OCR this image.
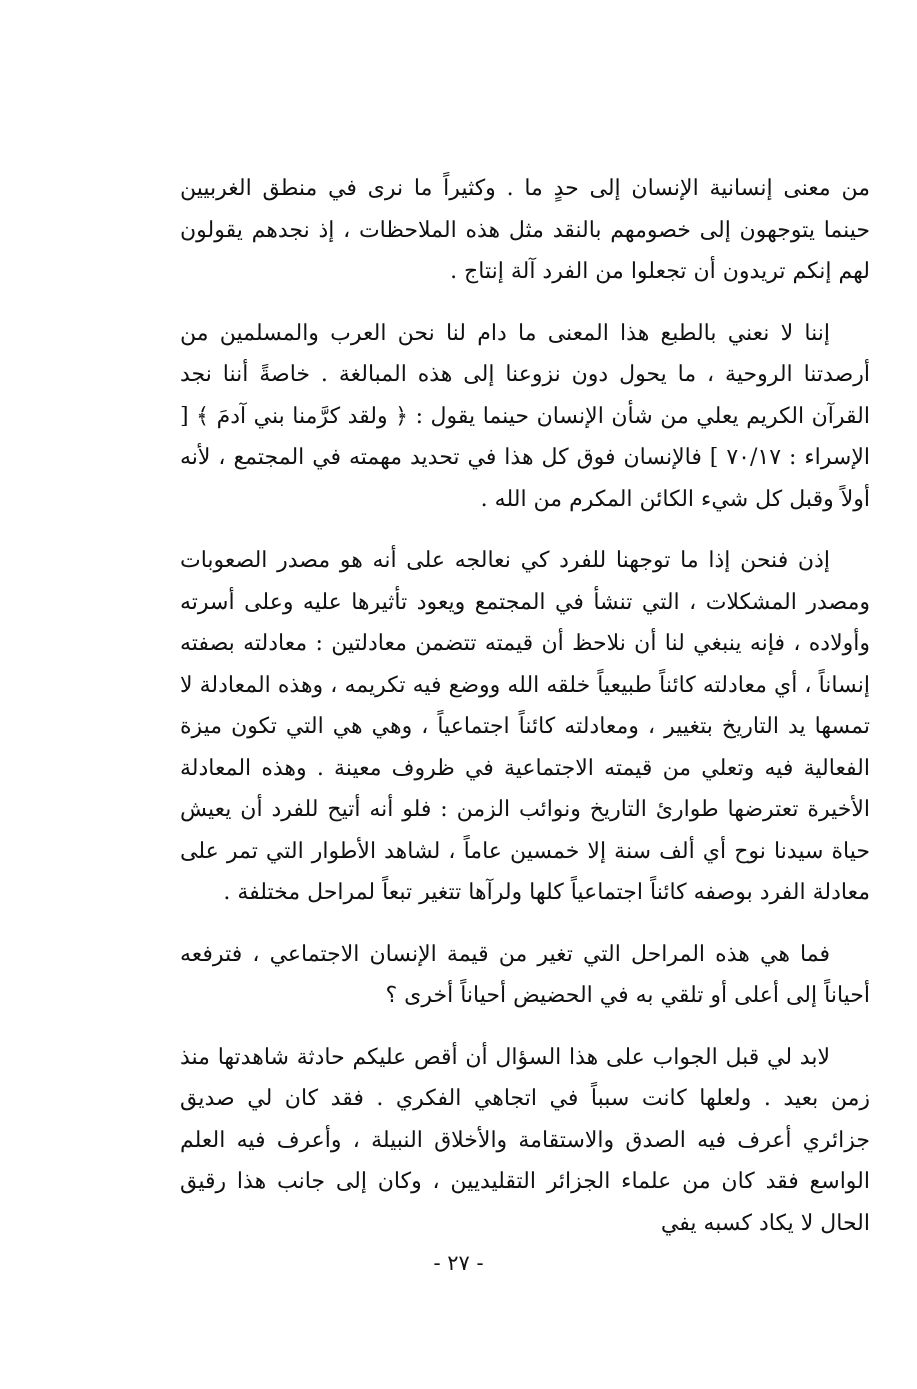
من معنى إنسانية الإنسان إلى حدٍ ما . وكثيراً ما نرى في منطق الغربيين حينما يتوجهون إلى خصومهم بالنقد مثل هذه الملاحظات ، إذ نجدهم يقولون لهم إنكم تريدون أن تجعلوا من الفرد آلة إنتاج .

إننا لا نعني بالطبع هذا المعنى ما دام لنا نحن العرب والمسلمين من أرصدتنا الروحية ، ما يحول دون نزوعنا إلى هذه المبالغة . خاصةً أننا نجد القرآن الكريم يعلي من شأن الإنسان حينما يقول : ﴿ ولقد كرَّمنا بني آدمَ ﴾ [ الإسراء : ٧٠/١٧ ] فالإنسان فوق كل هذا في تحديد مهمته في المجتمع ، لأنه أولاً وقبل كل شيء الكائن المكرم من الله .

إذن فنحن إذا ما توجهنا للفرد كي نعالجه على أنه هو مصدر الصعوبات ومصدر المشكلات ، التي تنشأ في المجتمع ويعود تأثيرها عليه وعلى أسرته وأولاده ، فإنه ينبغي لنا أن نلاحظ أن قيمته تتضمن معادلتين : معادلته بصفته إنساناً ، أي معادلته كائناً طبيعياً خلقه الله ووضع فيه تكريمه ، وهذه المعادلة لا تمسها يد التاريخ بتغيير ، ومعادلته كائناً اجتماعياً ، وهي هي التي تكون ميزة الفعالية فيه وتعلي من قيمته الاجتماعية في ظروف معينة . وهذه المعادلة الأخيرة تعترضها طوارئ التاريخ ونوائب الزمن : فلو أنه أتيح للفرد أن يعيش حياة سيدنا نوح أي ألف سنة إلا خمسين عاماً ، لشاهد الأطوار التي تمر على معادلة الفرد بوصفه كائناً اجتماعياً كلها ولرآها تتغير تبعاً لمراحل مختلفة .

فما هي هذه المراحل التي تغير من قيمة الإنسان الاجتماعي ، فترفعه أحياناً إلى أعلى أو تلقي به في الحضيض أحياناً أخرى ؟

لابد لي قبل الجواب على هذا السؤال أن أقص عليكم حادثة شاهدتها منذ زمن بعيد . ولعلها كانت سبباً في اتجاهي الفكري . فقد كان لي صديق جزائري أعرف فيه الصدق والاستقامة والأخلاق النبيلة ، وأعرف فيه العلم الواسع فقد كان من علماء الجزائر التقليديين ، وكان إلى جانب هذا رقيق الحال لا يكاد كسبه يفي

- ٢٧ -
